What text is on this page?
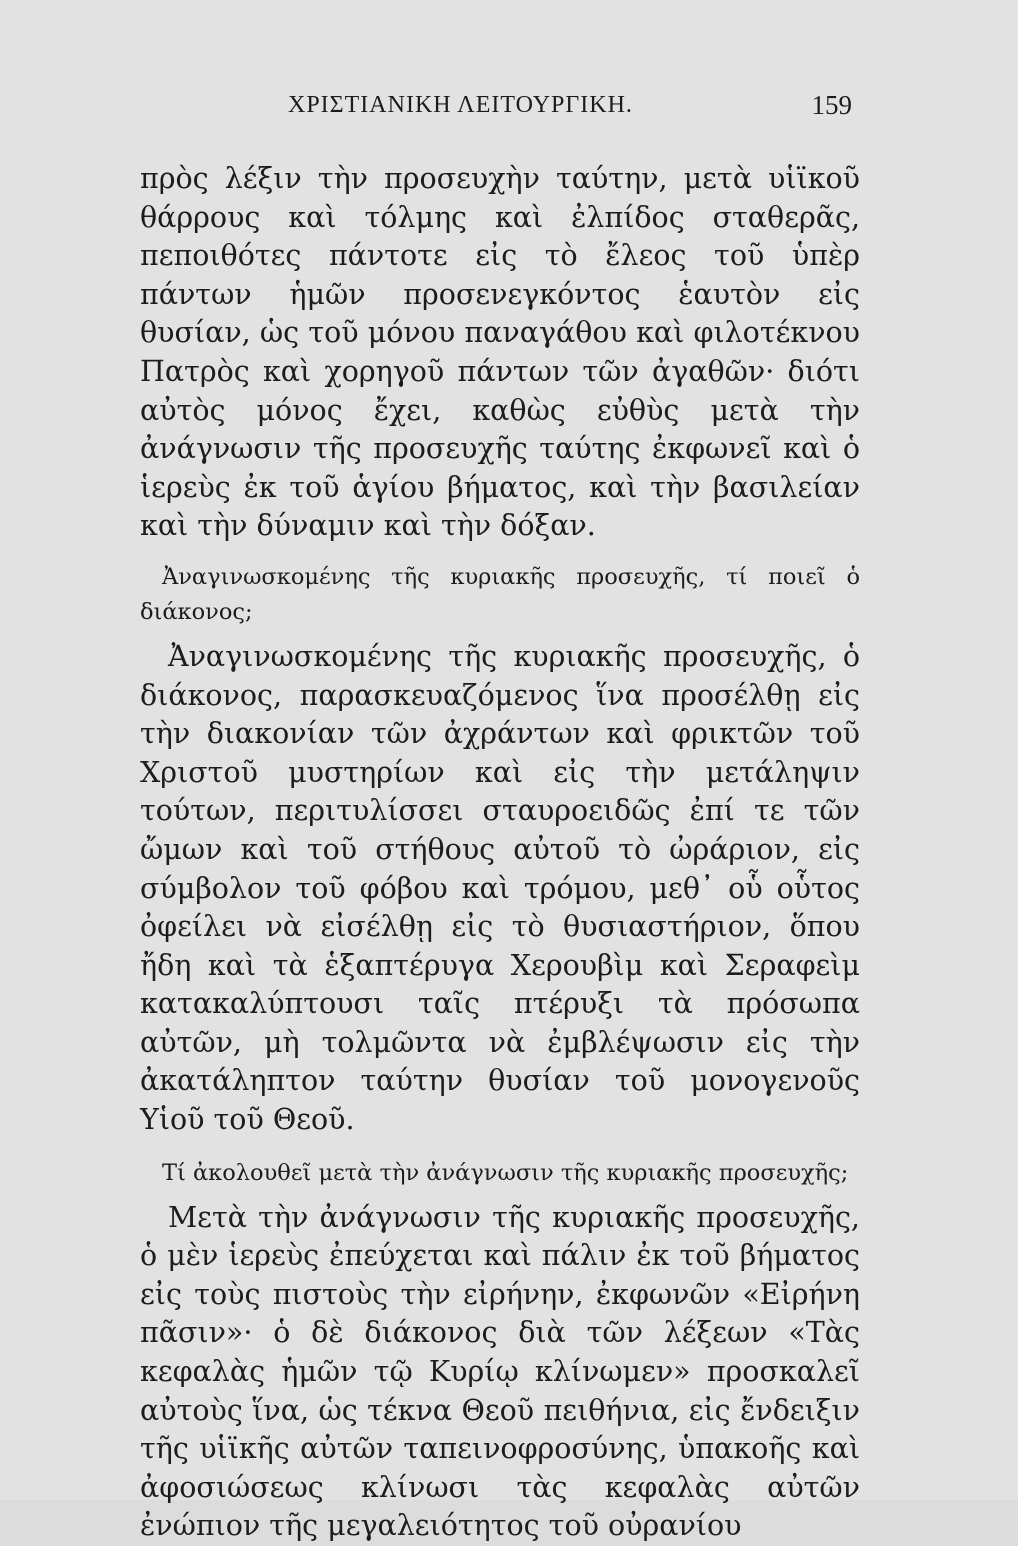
ΧΡΙΣΤΙΑΝΙΚΗ ΛΕΙΤΟΥΡΓΙΚΗ.	159

πρὸς λέξιν τὴν προσευχὴν ταύτην, μετὰ υἱϊκοῦ θάρρους καὶ τόλμης καὶ ἐλπίδος σταθερᾶς, πεποιθότες πάντοτε εἰς τὸ ἔλεος τοῦ ὑπὲρ πάντων ἡμῶν προσενεγκόντος ἑαυτὸν εἰς θυσίαν, ὡς τοῦ μόνου παναγάθου καὶ φιλοτέκνου Πατρὸς καὶ χορηγοῦ πάντων τῶν ἀγαθῶν· διότι αὐτὸς μόνος ἔχει, καθὼς εὐθὺς μετὰ τὴν ἀνάγνωσιν τῆς προσευχῆς ταύτης ἐκφωνεῖ καὶ ὁ ἱερεὺς ἐκ τοῦ ἁγίου βήματος, καὶ τὴν βασιλείαν καὶ τὴν δύναμιν καὶ τὴν δόξαν.

Ἀναγινωσκομένης τῆς κυριακῆς προσευχῆς, τί ποιεῖ ὁ διάκονος;

Ἀναγινωσκομένης τῆς κυριακῆς προσευχῆς, ὁ διάκονος, παρασκευαζόμενος ἵνα προσέλθῃ εἰς τὴν διακονίαν τῶν ἀχράντων καὶ φρικτῶν τοῦ Χριστοῦ μυστηρίων καὶ εἰς τὴν μετάληψιν τούτων, περιτυλίσσει σταυροειδῶς ἐπί τε τῶν ὤμων καὶ τοῦ στήθους αὐτοῦ τὸ ὠράριον, εἰς σύμβολον τοῦ φόβου καὶ τρόμου, μεθ᾽ οὗ οὗτος ὀφείλει νὰ εἰσέλθῃ εἰς τὸ θυσιαστήριον, ὅπου ἤδη καὶ τὰ ἑξαπτέρυγα Χερουβὶμ καὶ Σεραφεὶμ κατακαλύπτουσι ταῖς πτέρυξι τὰ πρόσωπα αὐτῶν, μὴ τολμῶντα νὰ ἐμβλέψωσιν εἰς τὴν ἀκατάληπτον ταύτην θυσίαν τοῦ μονογενοῦς Υἱοῦ τοῦ Θεοῦ.

Τί ἀκολουθεῖ μετὰ τὴν ἀνάγνωσιν τῆς κυριακῆς προσευχῆς;

Μετὰ τὴν ἀνάγνωσιν τῆς κυριακῆς προσευχῆς, ὁ μὲν ἱερεὺς ἐπεύχεται καὶ πάλιν ἐκ τοῦ βήματος εἰς τοὺς πιστοὺς τὴν εἰρήνην, ἐκφωνῶν «Εἰρήνη πᾶσιν»· ὁ δὲ διάκονος διὰ τῶν λέξεων «Τὰς κεφαλὰς ἡμῶν τῷ Κυρίῳ κλίνωμεν» προσκαλεῖ αὐτοὺς ἵνα, ὡς τέκνα Θεοῦ πειθήνια, εἰς ἔνδειξιν τῆς υἱϊκῆς αὐτῶν ταπεινοφροσύνης, ὑπακοῆς καὶ ἀφοσιώσεως κλίνωσι τὰς κεφαλὰς αὐτῶν ἐνώπιον τῆς μεγαλειότητος τοῦ οὐρανίου
